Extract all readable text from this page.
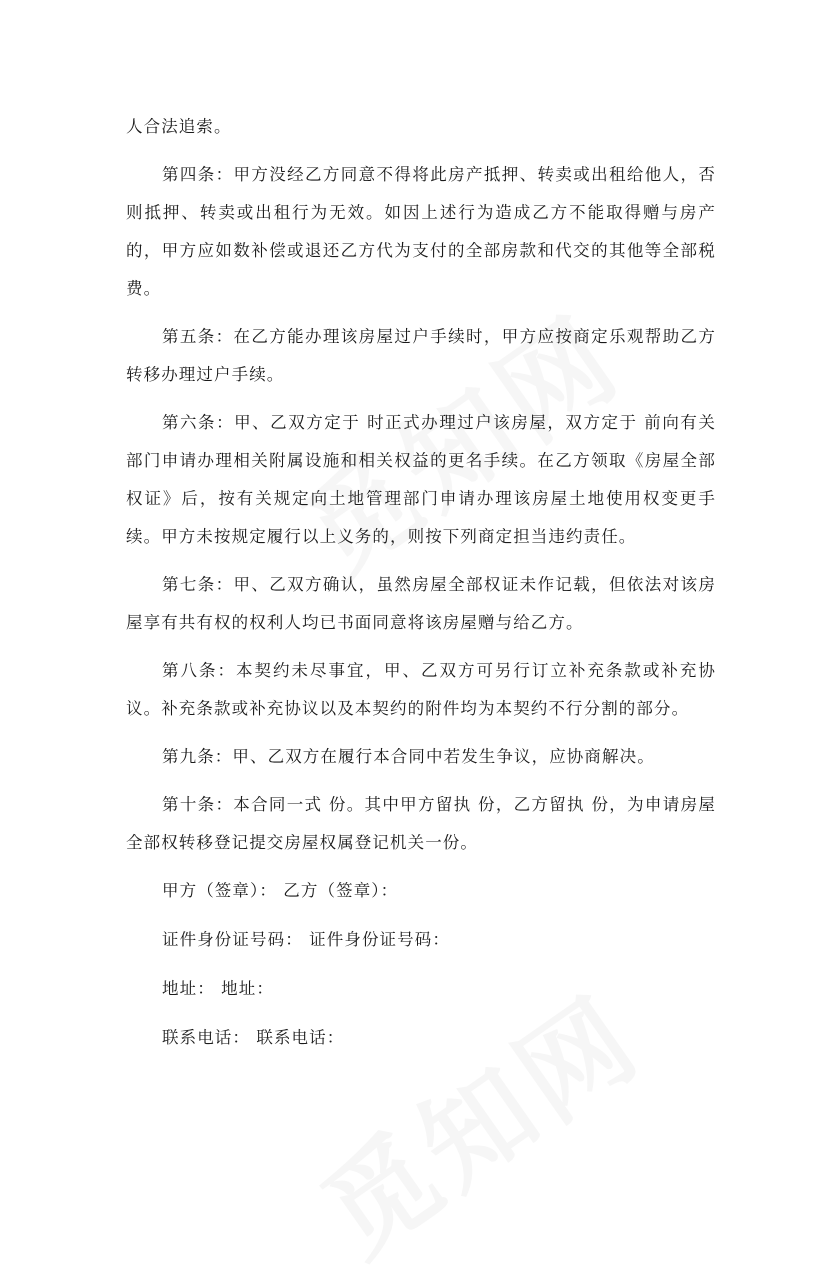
人合法追索。

第四条：甲方没经乙方同意不得将此房产抵押、转卖或出租给他人，否则抵押、转卖或出租行为无效。如因上述行为造成乙方不能取得赠与房产的，甲方应如数补偿或退还乙方代为支付的全部房款和代交的其他等全部税费。

第五条：在乙方能办理该房屋过户手续时，甲方应按商定乐观帮助乙方转移办理过户手续。

第六条：甲、乙双方定于 时正式办理过户该房屋，双方定于 前向有关部门申请办理相关附属设施和相关权益的更名手续。在乙方领取《房屋全部权证》后，按有关规定向土地管理部门申请办理该房屋土地使用权变更手续。甲方未按规定履行以上义务的，则按下列商定担当违约责任。

第七条：甲、乙双方确认，虽然房屋全部权证未作记载，但依法对该房屋享有共有权的权利人均已书面同意将该房屋赠与给乙方。

第八条：本契约未尽事宜，甲、乙双方可另行订立补充条款或补充协议。补充条款或补充协议以及本契约的附件均为本契约不行分割的部分。

第九条：甲、乙双方在履行本合同中若发生争议，应协商解决。

第十条：本合同一式 份。其中甲方留执 份，乙方留执 份，为申请房屋全部权转移登记提交房屋权属登记机关一份。

甲方（签章）： 乙方（签章）：

证件身份证号码： 证件身份证号码：

地址： 地址：

联系电话： 联系电话：
